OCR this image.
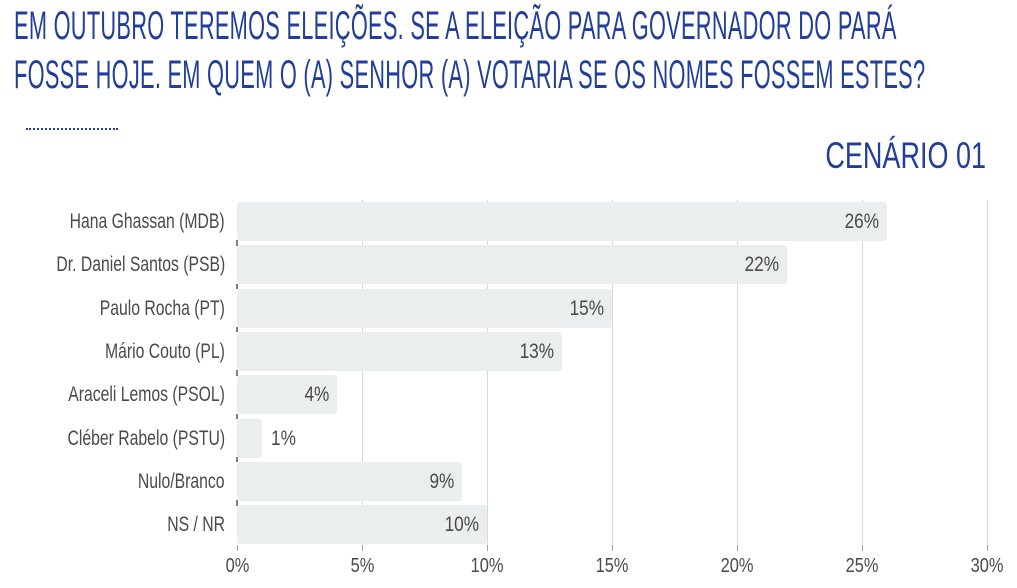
EM OUTUBRO TEREMOS ELEIÇÕES. SE A ELEIÇÃO PARA GOVERNADOR DO PARÁ
FOSSE HOJE. EM QUEM O (A) SENHOR (A) VOTARIA SE OS NOMES FOSSEM ESTES?
CENÁRIO 01
0%	5%	10%	15%	20%	25%	30%
Hana Ghassan (MDB)	26%
Dr. Daniel Santos (PSB)	22%
Paulo Rocha (PT)	15%
Mário Couto (PL)	13%
Araceli Lemos (PSOL)	4%
Cléber Rabelo (PSTU) 1%
Nulo/Branco	9%
NS / NR	10%
